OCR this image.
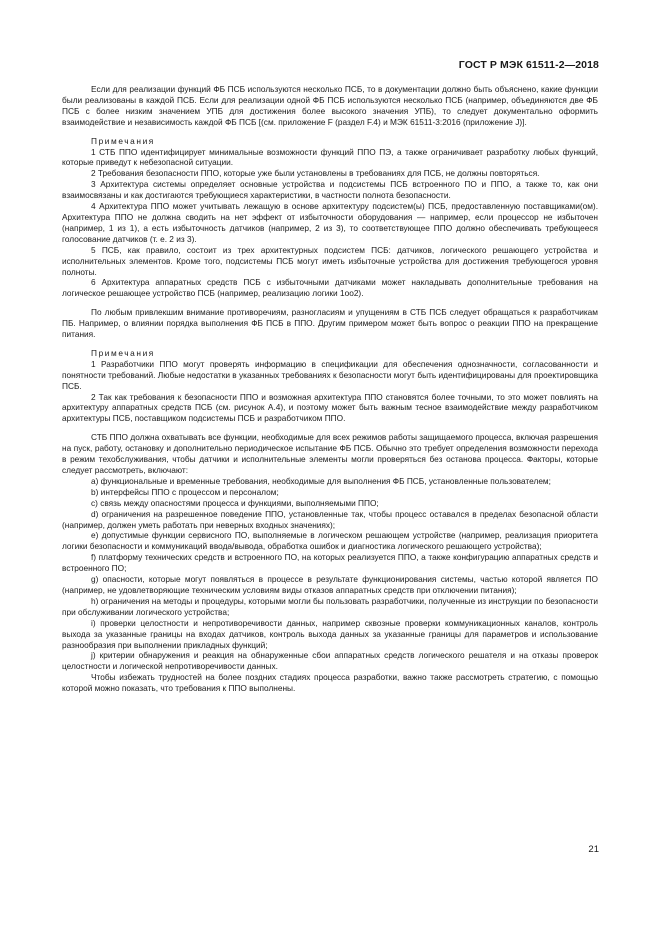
ГОСТ Р МЭК 61511-2—2018

Если для реализации функций ФБ ПСБ используются несколько ПСБ, то в документации должно быть объяснено, какие функции были реализованы в каждой ПСБ. Если для реализации одной ФБ ПСБ используются несколько ПСБ (например, объединяются две ФБ ПСБ с более низким значением УПБ для достижения более высокого значения УПБ), то следует документально оформить взаимодействие и независимость каждой ФБ ПСБ [(см. приложение F (раздел F.4) и МЭК 61511-3:2016 (приложение J)].

Примечания

1 СТБ ППО идентифицирует минимальные возможности функций ППО ПЭ, а также ограничивает разработку любых функций, которые приведут к небезопасной ситуации.

2 Требования безопасности ППО, которые уже были установлены в требованиях для ПСБ, не должны повторяться.

3 Архитектура системы определяет основные устройства и подсистемы ПСБ встроенного ПО и ППО, а также то, как они взаимосвязаны и как достигаются требующиеся характеристики, в частности полнота безопасности.

4 Архитектура ППО может учитывать лежащую в основе архитектуру подсистем(ы) ПСБ, предоставленную поставщиками(ом). Архитектура ППО не должна сводить на нет эффект от избыточности оборудования — например, если процессор не избыточен (например, 1 из 1), а есть избыточность датчиков (например, 2 из 3), то соответствующее ППО должно обеспечивать требующееся голосование датчиков (т. е. 2 из 3).

5 ПСБ, как правило, состоит из трех архитектурных подсистем ПСБ: датчиков, логического решающего устройства и исполнительных элементов. Кроме того, подсистемы ПСБ могут иметь избыточные устройства для достижения требующегося уровня полноты.

6 Архитектура аппаратных средств ПСБ с избыточными датчиками может накладывать дополнительные требования на логическое решающее устройство ПСБ (например, реализацию логики 1оо2).

По любым привлекшим внимание противоречиям, разногласиям и упущениям в СТБ ПСБ следует обращаться к разработчикам ПБ. Например, о влиянии порядка выполнения ФБ ПСБ в ППО. Другим примером может быть вопрос о реакции ППО на прекращение питания.

Примечания

1 Разработчики ППО могут проверять информацию в спецификации для обеспечения однозначности, согласованности и понятности требований. Любые недостатки в указанных требованиях к безопасности могут быть идентифицированы для проектировщика ПСБ.

2 Так как требования к безопасности ППО и возможная архитектура ППО становятся более точными, то это может повлиять на архитектуру аппаратных средств ПСБ (см. рисунок А.4), и поэтому может быть важным тесное взаимодействие между разработчиком архитектуры ПСБ, поставщиком подсистемы ПСБ и разработчиком ППО.

СТБ ППО должна охватывать все функции, необходимые для всех режимов работы защищаемого процесса, включая разрешения на пуск, работу, остановку и дополнительно периодическое испытание ФБ ПСБ. Обычно это требует определения возможности перехода в режим техобслуживания, чтобы датчики и исполнительные элементы могли проверяться без останова процесса. Факторы, которые следует рассмотреть, включают:

a) функциональные и временные требования, необходимые для выполнения ФБ ПСБ, установленные пользователем;

b) интерфейсы ППО с процессом и персоналом;

c) связь между опасностями процесса и функциями, выполняемыми ППО;

d) ограничения на разрешенное поведение ППО, установленные так, чтобы процесс оставался в пределах безопасной области (например, должен уметь работать при неверных входных значениях);

e) допустимые функции сервисного ПО, выполняемые в логическом решающем устройстве (например, реализация приоритета логики безопасности и коммуникаций ввода/вывода, обработка ошибок и диагностика логического решающего устройства);

f) платформу технических средств и встроенного ПО, на которых реализуется ППО, а также конфигурацию аппаратных средств и встроенного ПО;

g) опасности, которые могут появляться в процессе в результате функционирования системы, частью которой является ПО (например, не удовлетворяющие техническим условиям виды отказов аппаратных средств при отключении питания);

h) ограничения на методы и процедуры, которыми могли бы пользовать разработчики, полученные из инструкции по безопасности при обслуживании логического устройства;

i) проверки целостности и непротиворечивости данных, например сквозные проверки коммуникационных каналов, контроль выхода за указанные границы на входах датчиков, контроль выхода данных за указанные границы для параметров и использование разнообразия при выполнении прикладных функций;

j) критерии обнаружения и реакция на обнаруженные сбои аппаратных средств логического решателя и на отказы проверок целостности и логической непротиворечивости данных.

Чтобы избежать трудностей на более поздних стадиях процесса разработки, важно также рассмотреть стратегию, с помощью которой можно показать, что требования к ППО выполнены.

21
